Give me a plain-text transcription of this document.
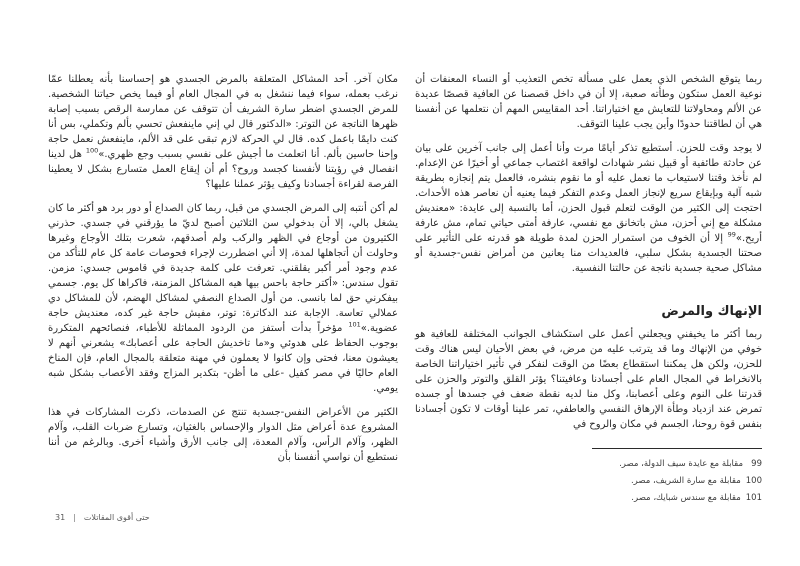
ربما يتوقع الشخص الذي يعمل على مسألة تخص التعذيب أو النساء المعنفات أن نوعية العمل ستكون وطأته صعبة، إلا أن في داخل قصصنا عن العافية قصصًا عديدة عن الألم ومحاولاتنا للتعايش مع اختياراتنا. أحد المقاييس المهم أن نتعلمها عن أنفسنا هي أن لطاقتنا حدودًا وأين يجب علينا التوقف.

لا يوجد وقت للحزن. أستطيع تذكر أيامًا مرت وأنا أعمل إلى جانب آخرين على بيان عن حادثة طائفية أو قبيل نشر شهادات لواقعة اغتصاب جماعي أو أخيرًا عن الإعدام. لم نأخذ وقتنا لاستيعاب ما نعمل عليه أو ما نقوم بنشره، فالعمل يتم إنجازه بطريقة شبه آلية وبإيقاع سريع لإنجاز العمل وعدم التفكر فيما يعنيه أن نعاصر هذه الأحداث. احتجت إلى الكثير من الوقت لتعلم قبول الحزن، أما بالنسبة إلى عايدة: «معنديش مشكلة مع إني أحزن، مش باتخانق مع نفسي، عارفة أمتى حياتي تمام، مش عارفة أريح.»$^{99}$ إلا أن الخوف من استمرار الحزن لمدة طويلة هو قدرته على التأثير على صحتنا الجسدية بشكل سلبي، فالعديدات منا يعانين من أمراض نفس-جسدية أو مشاكل صحية جسدية ناتجة عن حالتنا النفسية.

الإنهاك والمرض

ربما أكثر ما يخيفني ويجعلني أعمل على استكشاف الجوانب المختلفة للعافية هو خوفي من الإنهاك وما قد يترتب عليه من مرض، في بعض الأحيان ليس هناك وقت للحزن، ولكن هل يمكننا استقطاع بعضًا من الوقت لنفكر في تأثير اختياراتنا الخاصة بالانخراط في المجال العام على أجسادنا وعافيتنا؟ يؤثر القلق والتوتر والحزن على قدرتنا على النوم وعلى أعصابنا، وكل منا لديه نقطة ضعف في جسدها أو جسده تمرض عند ازدياد وطأة الإرهاق النفسي والعاطفي، تمر علينا أوقات لا تكون أجسادنا بنفس قوة روحنا، الجسم في مكان والروح في

99
مقابلة مع عايدة سيف الدولة، مصر.
100
مقابلة مع سارة الشريف، مصر.
101
مقابلة مع سندس شبايك، مصر.

مكان آخر. أحد المشاكل المتعلقة بالمرض الجسدي هو إحساسنا بأنه يعطلنا عمّا نرغب بعمله، سواء فيما ننشغل به في المجال العام أو فيما يخص حياتنا الشخصية. للمرض الجسدي اضطر سارة الشريف أن تتوقف عن ممارسة الرقص بسبب إصابة ظهرها الناتجة عن التوتر: «الدكتور قال لي إني ماينفعش تحسي بألم وتكملي، بس أنا كنت دايمًا باعمل كده. قال لي الحركة لازم تبقى على قد الألم، ماينفعش نعمل حاجة وإحنا حاسين بألم. أنا اتعلمت ما أجيش على نفسي بسبب وجع ظهري.»$^{100}$ هل لدينا انفصال في رؤيتنا لأنفسنا كجسد وروح؟ أم أن إيقاع العمل متسارع بشكل لا يعطينا الفرصة لقراءة أجسادنا وكيف يؤثر عملنا عليها؟

لم أكن أنتبه إلى المرض الجسدي من قبل، ربما كان الصداع أو دور برد هو أكثر ما كان يشغل بالي، إلا أن بدخولي سن الثلاثين أصبح لديّ ما يؤرقني في جسدي. حذرني الكثيرون من أوجاع في الظهر والركب ولم أصدقهم، شعرت بتلك الأوجاع وغيرها وحاولت أن أتجاهلها لمدة، إلا أني اضطررت لإجراء فحوصات عامة كل عام للتأكد من عدم وجود أمر أكبر يقلقني. تعرفت على كلمة جديدة في قاموس جسدي: مزمن. تقول سندس: «أكتر حاجة باحس بيها هيه المشاكل المزمنة، فاكراها كل يوم. جسمي بيفكرني حق لما بانسى. من أول الصداع النصفي لمشاكل الهضم، لأن للمشاكل دي عملالي تعاسة. الإجابة عند الدكاترة: توتر، مفيش حاجة غير كده، معنديش حاجة عضوية.»$^{101}$ مؤخراً بدأت أستفز من الردود المماثلة للأطباء، فنصائحهم المتكررة بوجوب الحفاظ على هدوئي و«ما تاخديش الحاجة على أعصابك» يشعرني أنهم لا يعيشون معنا، فحتى وإن كانوا لا يعملون في مهنة متعلقة بالمجال العام، فإن المناخ العام حاليًا في مصر كفيل -على ما أظن- بتكدير المزاج وفقد الأعصاب بشكل شبه يومي.

الكثير من الأعراض النفس-جسدية تنتج عن الصدمات، ذكرت المشاركات في هذا المشروع عدة أعراض مثل الدوار والإحساس بالغثيان، وتسارع ضربات القلب، وآلام الظهر، وآلام الرأس، وآلام المعدة، إلى جانب الأرق وأشياء أخرى. وبالرغم من أننا نستطيع أن نواسي أنفسنا بأن

حتى أقوى المقاتلات
|
31
